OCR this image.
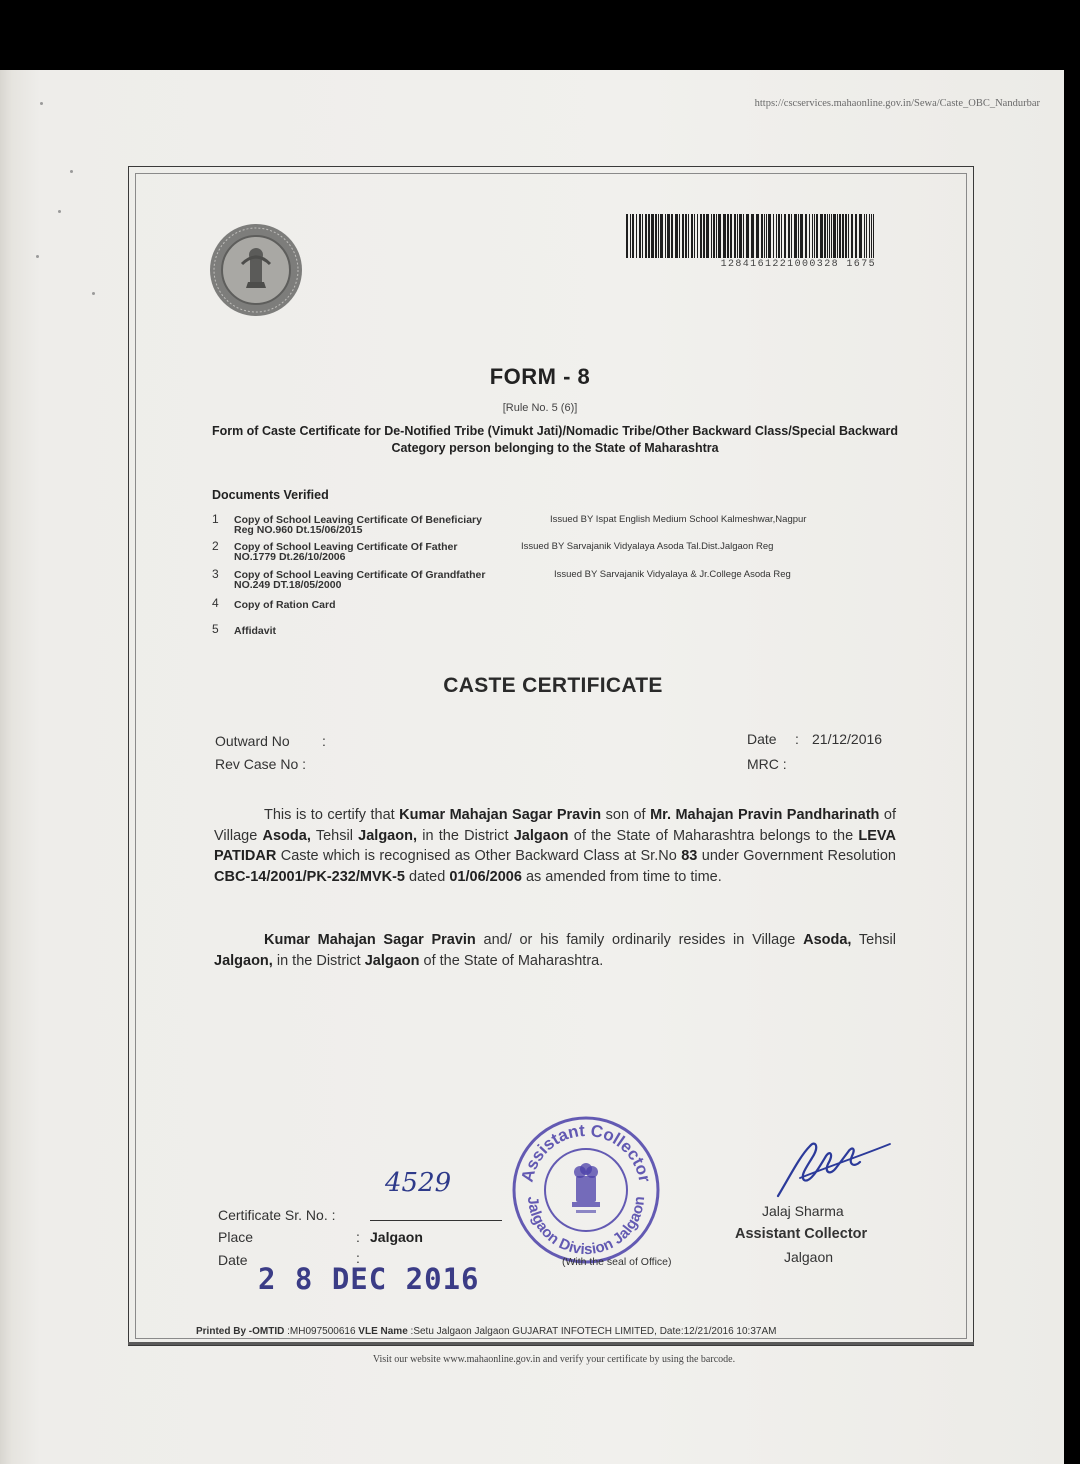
https://cscservices.mahaonline.gov.in/Sewa/Caste_OBC_Nandurbar
1284161221000328 1675
FORM - 8
[Rule No. 5 (6)]
Form of Caste Certificate for De-Notified Tribe (Vimukt Jati)/Nomadic Tribe/Other Backward Class/Special Backward Category person belonging to the State of Maharashtra
Documents Verified
1 Copy of School Leaving Certificate Of Beneficiary	Issued BY Ispat English Medium School Kalmeshwar,Nagpur
Reg NO.960 Dt.15/06/2015
2 Copy of School Leaving Certificate Of Father	Issued BY Sarvajanik Vidyalaya Asoda Tal.Dist.Jalgaon Reg
NO.1779 Dt.26/10/2006
3 Copy of School Leaving Certificate Of Grandfather	Issued BY Sarvajanik Vidyalaya & Jr.College Asoda Reg
NO.249 DT.18/05/2000
4 Copy of Ration Card
5 Affidavit
CASTE CERTIFICATE
Outward No :
Rev Case No :
Date : 21/12/2016
MRC :
This is to certify that Kumar Mahajan Sagar Pravin son of Mr. Mahajan Pravin Pandharinath of Village Asoda, Tehsil Jalgaon, in the District Jalgaon of the State of Maharashtra belongs to the LEVA PATIDAR Caste which is recognised as Other Backward Class at Sr.No 83 under Government Resolution CBC-14/2001/PK-232/MVK-5 dated 01/06/2006 as amended from time to time.
Kumar Mahajan Sagar Pravin and/ or his family ordinarily resides in Village Asoda, Tehsil Jalgaon, in the District Jalgaon of the State of Maharashtra.
Certificate Sr. No. :
4529
Place	: Jalgaon
Date	:
2 8 DEC 2016
Assistant Collector
Jalgaon Division Jalgaon
(With the seal of Office)
Jalaj Sharma
Assistant Collector
Jalgaon
Printed By -OMTID :MH097500616 VLE Name :Setu Jalgaon Jalgaon GUJARAT INFOTECH LIMITED, Date:12/21/2016 10:37AM
Visit our website www.mahaonline.gov.in and verify your certificate by using the barcode.
